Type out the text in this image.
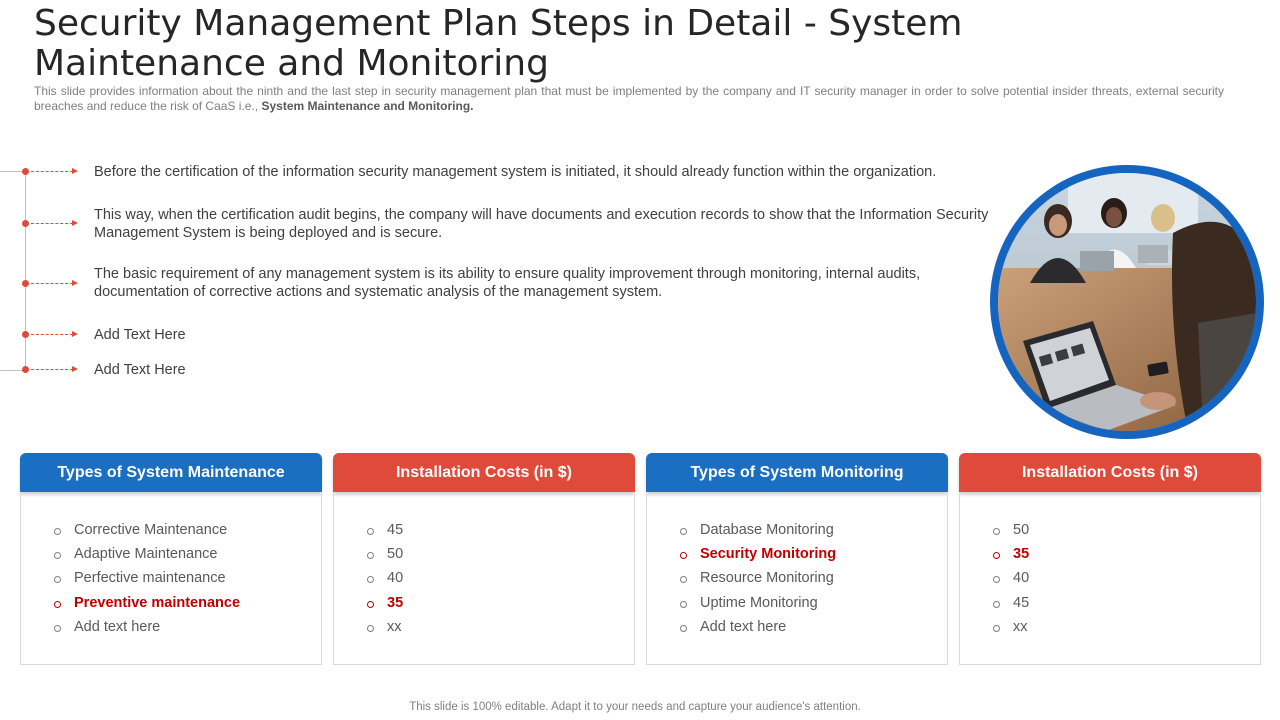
Security Management Plan Steps in Detail - System Maintenance and Monitoring
This slide provides information about the ninth and the last step in security management plan that must be implemented by the company and IT security manager in order to solve potential insider threats, external security breaches and reduce the risk of CaaS i.e., System Maintenance and Monitoring.
Before the certification of the information security management system is initiated, it should already function within the organization.
This way, when the certification audit begins, the company will have documents and execution records to show that the Information Security Management System is being deployed and is secure.
The basic requirement of any management system is its ability to ensure quality improvement through monitoring, internal audits, documentation of corrective actions and systematic analysis of the management system.
Add Text Here
Add Text Here
Types of System Maintenance
Corrective Maintenance
Adaptive Maintenance
Perfective maintenance
Preventive maintenance
Add text here
Installation Costs (in $)
45
50
40
35
xx
Types of System Monitoring
Database Monitoring
Security Monitoring
Resource Monitoring
Uptime Monitoring
Add text here
Installation Costs (in $)
50
35
40
45
xx
This slide is 100% editable. Adapt it to your needs and capture your audience's attention.
